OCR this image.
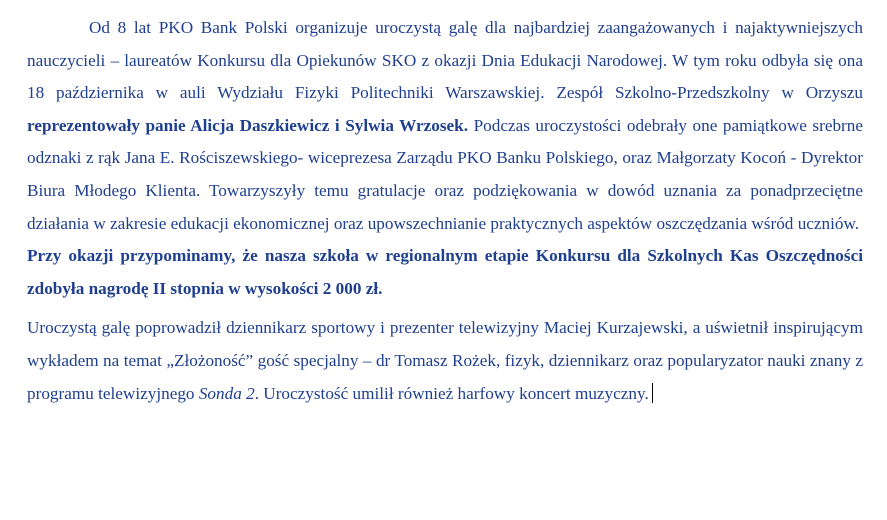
Od 8 lat PKO Bank Polski organizuje uroczystą galę dla najbardziej zaangażowanych i najaktywniejszych nauczycieli – laureatów Konkursu dla Opiekunów SKO z okazji Dnia Edukacji Narodowej. W tym roku odbyła się ona 18 października w auli Wydziału Fizyki Politechniki Warszawskiej. Zespół Szkolno-Przedszkolny w Orzyszu reprezentowały panie Alicja Daszkiewicz i Sylwia Wrzosek. Podczas uroczystości odebrały one pamiątkowe srebrne odznaki z rąk Jana E. Rościszewskiego- wiceprezesa Zarządu PKO Banku Polskiego, oraz Małgorzaty Kocoń - Dyrektor Biura Młodego Klienta. Towarzyszyły temu gratulacje oraz podziękowania w dowód uznania za ponadprzeciętne działania w zakresie edukacji ekonomicznej oraz upowszechnianie praktycznych aspektów oszczędzania wśród uczniów.

Przy okazji przypominamy, że nasza szkoła w regionalnym etapie Konkursu dla Szkolnych Kas Oszczędności zdobyła nagrodę II stopnia w wysokości 2 000 zł.

Uroczystą galę poprowadził dziennikarz sportowy i prezenter telewizyjny Maciej Kurzajewski, a uświetnił inspirującym wykładem na temat „Złożoność” gość specjalny – dr Tomasz Rożek, fizyk, dziennikarz oraz popularyzator nauki znany z programu telewizyjnego Sonda 2. Uroczystość umilił również harfowy koncert muzyczny.
